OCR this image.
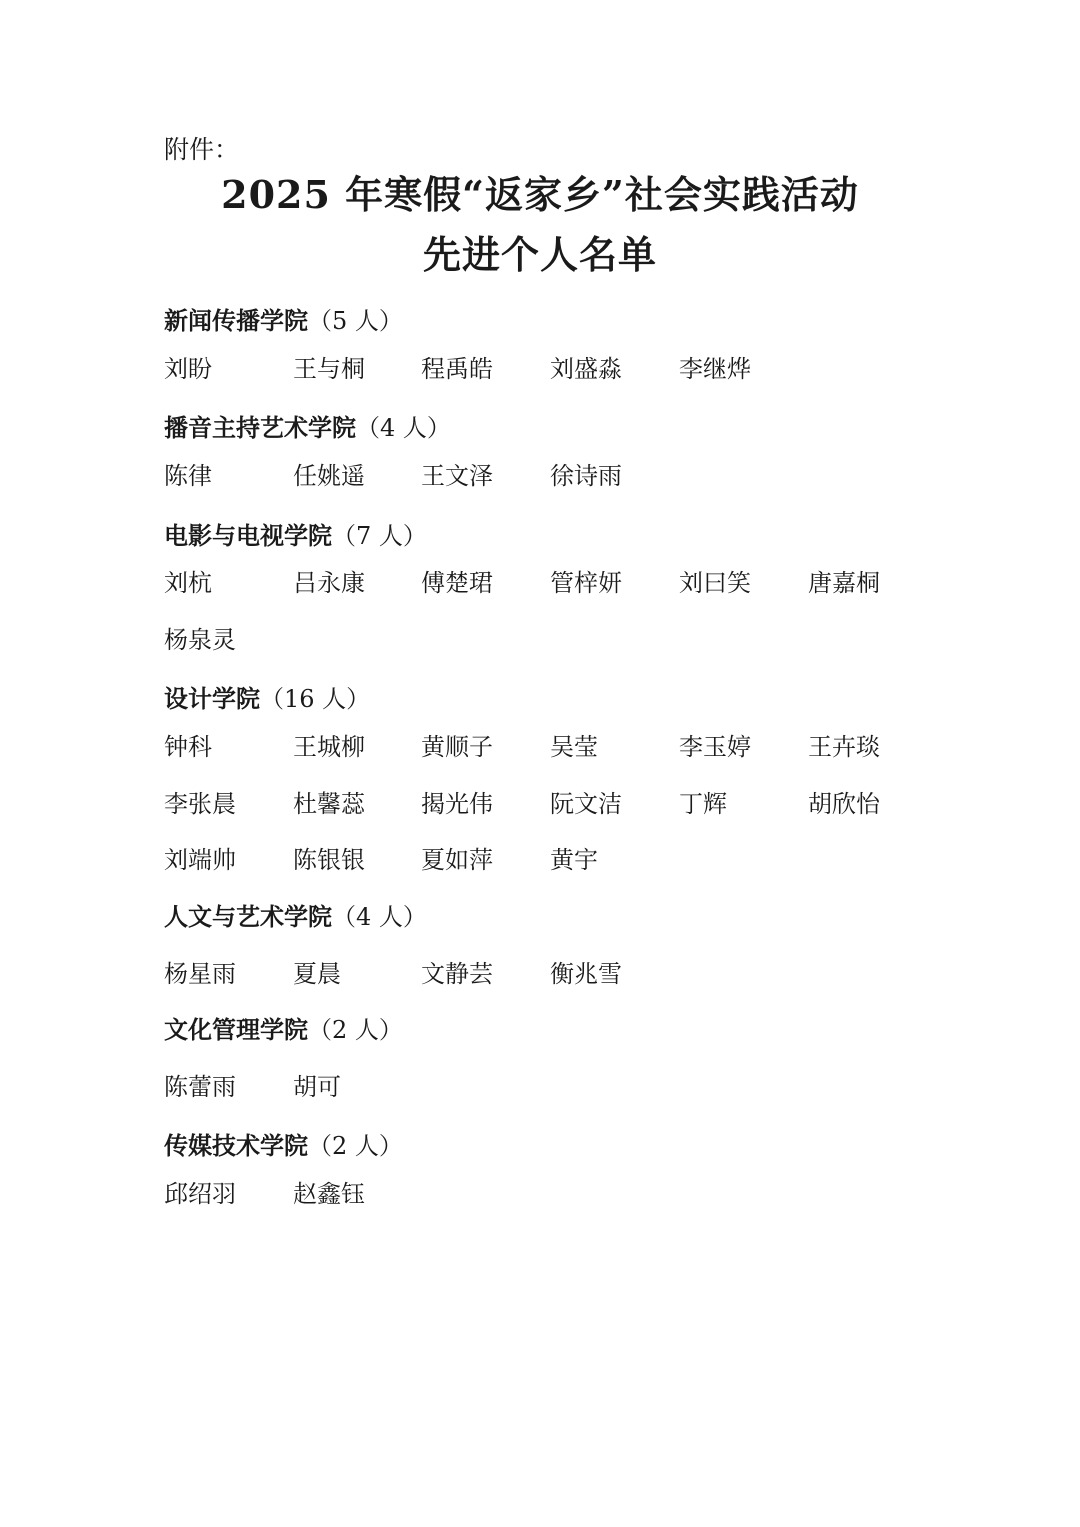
附件：
2025 年寒假“返家乡”社会实践活动
先进个人名单
新闻传播学院（5 人）
刘盼	王与桐 程禹皓 刘盛淼 李继烨
播音主持艺术学院（4 人）
陈律	任姚遥 王文泽 徐诗雨
电影与电视学院（7 人）
刘杭	吕永康 傅楚珺 管梓妍 刘曰笑 唐嘉桐
杨泉灵
设计学院（16 人）
钟科	王城柳 黄顺子 吴莹	李玉婷 王卉琰
李张晨 杜馨蕊 揭光伟 阮文洁 丁辉	胡欣怡
刘端帅 陈银银 夏如萍 黄宇
人文与艺术学院（4 人）
杨星雨 夏晨	文静芸 衡兆雪
文化管理学院（2 人）
陈蕾雨 胡可
传媒技术学院（2 人）
邱绍羽 赵鑫钰
